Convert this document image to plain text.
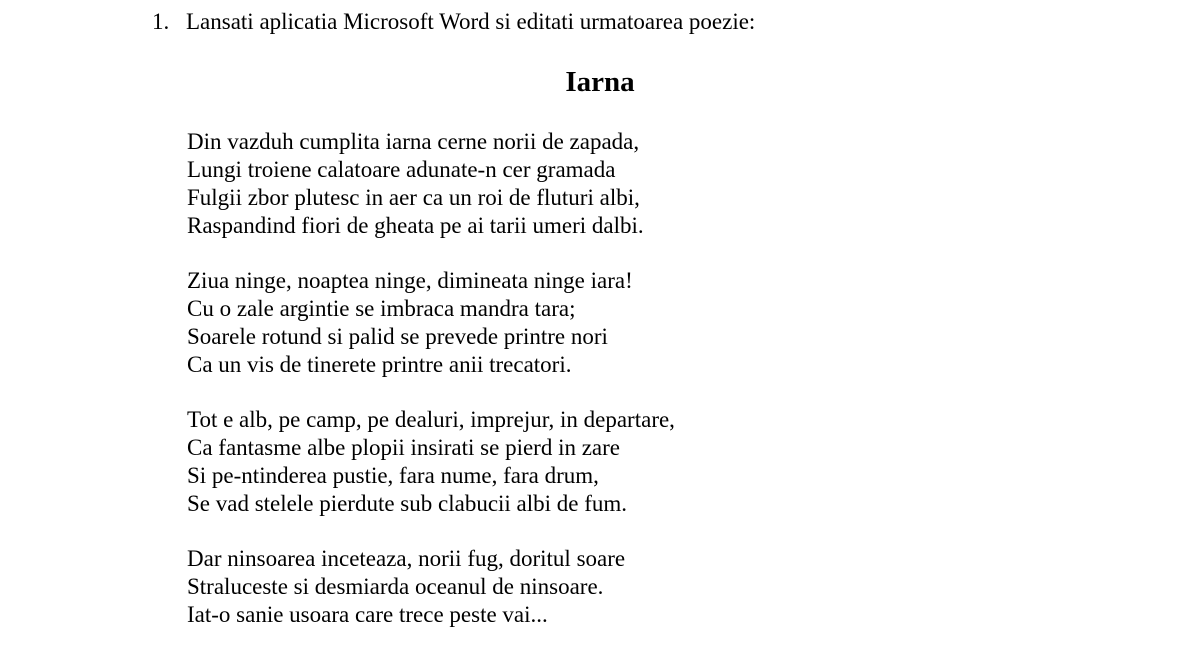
1. Lansati aplicatia Microsoft Word si editati urmatoarea poezie:
Iarna
Din vazduh cumplita iarna cerne norii de zapada,
Lungi troiene calatoare adunate-n cer gramada
Fulgii zbor plutesc in aer ca un roi de fluturi albi,
Raspandind fiori de gheata pe ai tarii umeri dalbi.
Ziua ninge, noaptea ninge, dimineata ninge iara!
Cu o zale argintie se imbraca mandra tara;
Soarele rotund si palid se prevede printre nori
Ca un vis de tinerete printre anii trecatori.
Tot e alb, pe camp, pe dealuri, imprejur, in departare,
Ca fantasme albe plopii insirati se pierd in zare
Si pe-ntinderea pustie, fara nume, fara drum,
Se vad stelele pierdute sub clabucii albi de fum.
Dar ninsoarea inceteaza, norii fug, doritul soare
Straluceste si desmiarda oceanul de ninsoare.
Iat-o sanie usoara care trece peste vai...
